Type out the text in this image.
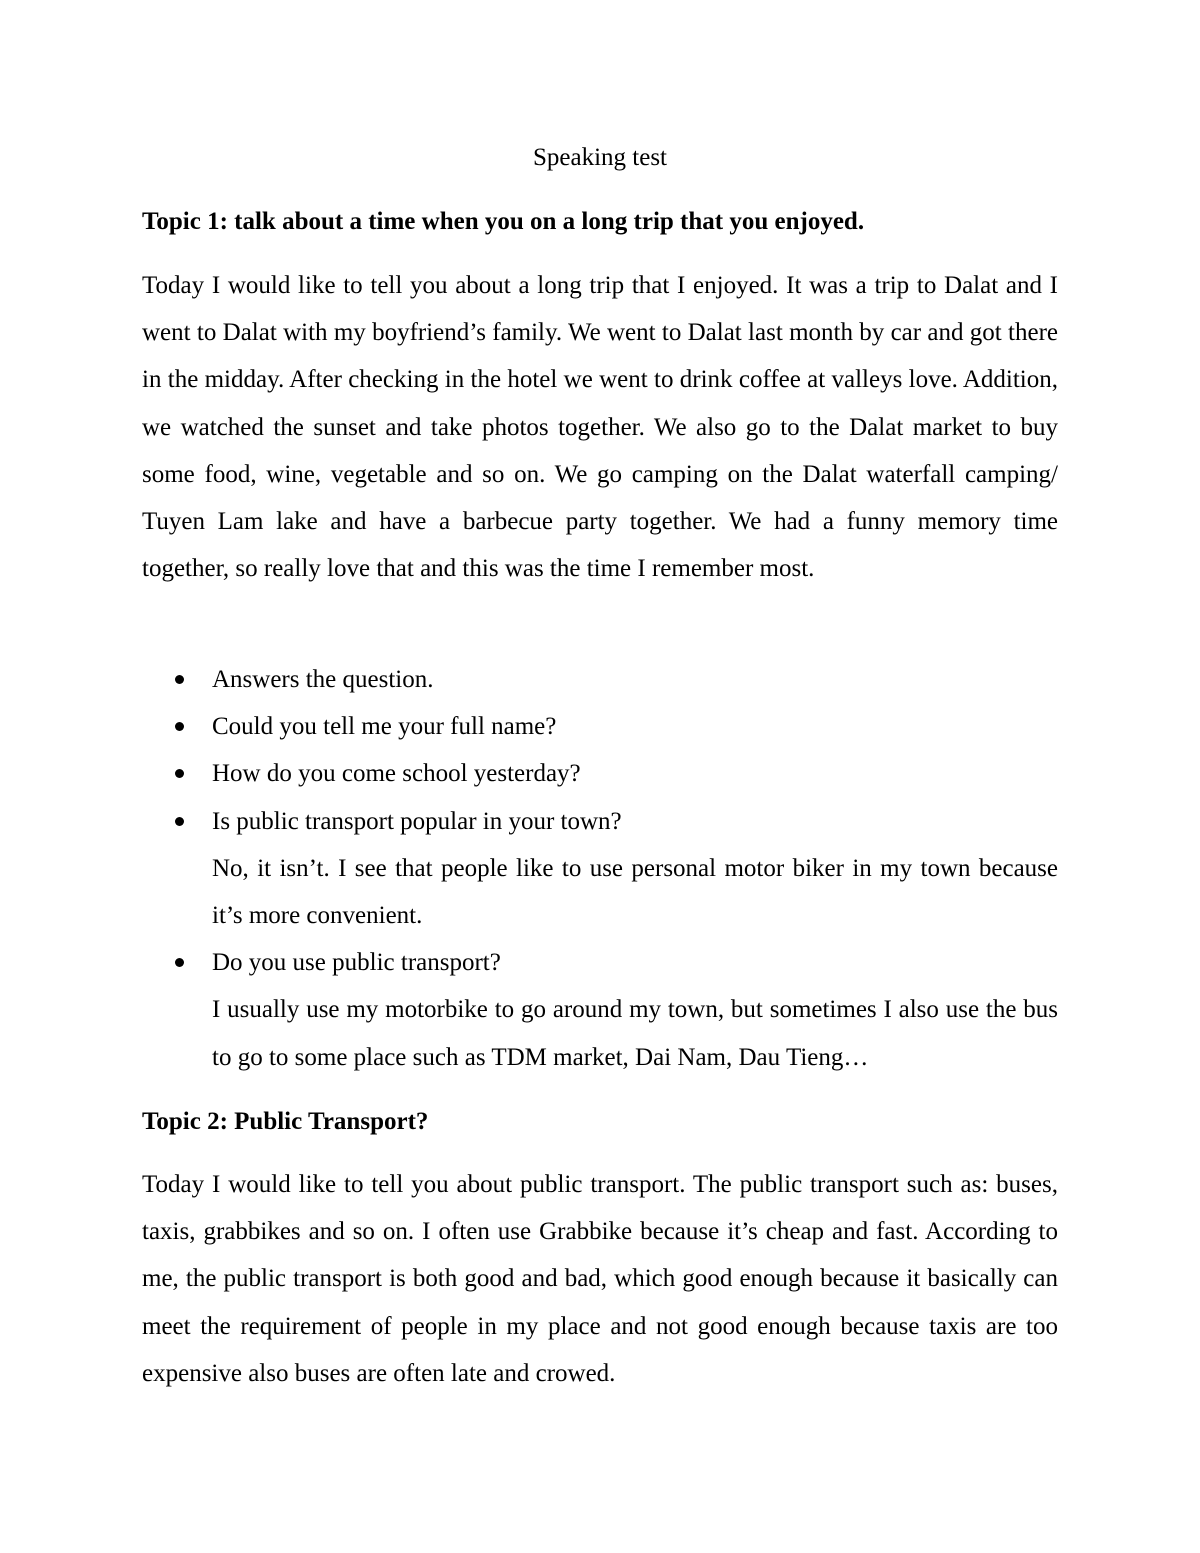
Speaking test
Topic 1: talk about a time when you on a long trip that you enjoyed.

Today I would like to tell you about a long trip that I enjoyed. It was a trip to Dalat and I went to Dalat with my boyfriend’s family. We went to Dalat last month by car and got there in the midday. After checking in the hotel we went to drink coffee at valleys love. Addition, we watched the sunset and take photos together. We also go to the Dalat market to buy some food, wine, vegetable and so on. We go camping on the Dalat waterfall camping/ Tuyen Lam lake and have a barbecue party together. We had a funny memory time together, so really love that and this was the time I remember most.

Answers the question.
Could you tell me your full name?
How do you come school yesterday?
Is public transport popular in your town?
No, it isn’t. I see that people like to use personal motor biker in my town because it’s more convenient.
Do you use public transport?
I usually use my motorbike to go around my town, but sometimes I also use the bus to go to some place such as TDM market, Dai Nam, Dau Tieng…
Topic 2: Public Transport?

Today I would like to tell you about public transport. The public transport such as: buses, taxis, grabbikes and so on. I often use Grabbike because it’s cheap and fast. According to me, the public transport is both good and bad, which good enough because it basically can meet the requirement of people in my place and not good enough because taxis are too expensive also buses are often late and crowed.
